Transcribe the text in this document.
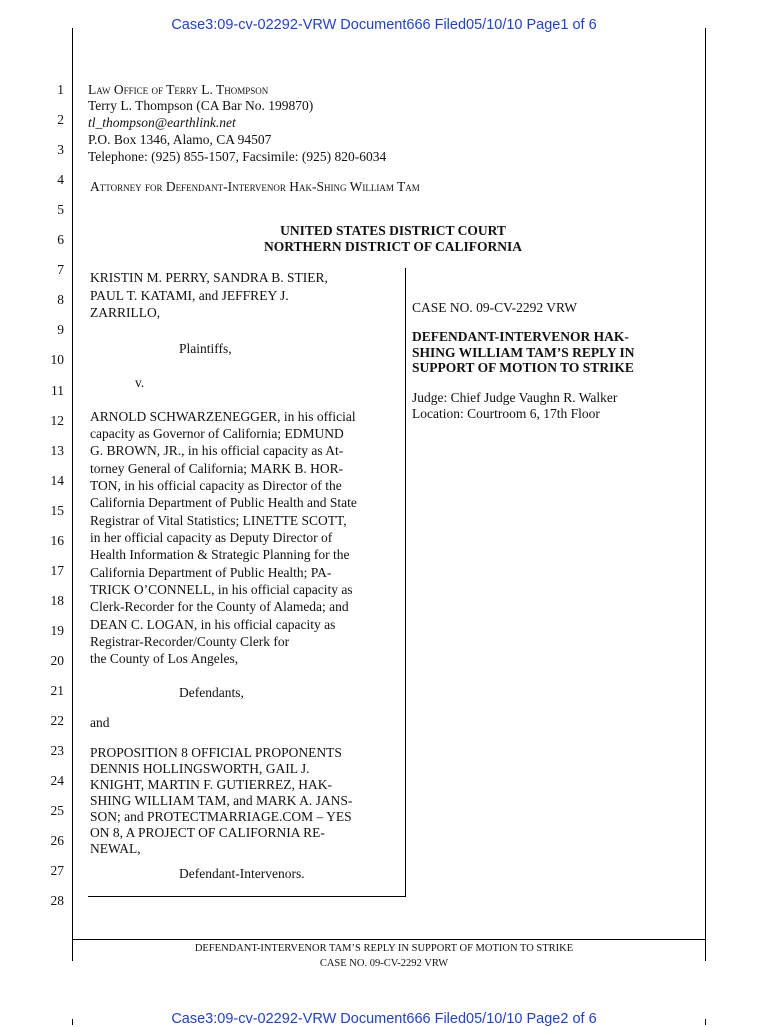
Case3:09-cv-02292-VRW Document666 Filed05/10/10 Page1 of 6
1
2
3
4
5
6
7
8
9
10
11
12
13
14
15
16
17
18
19
20
21
22
23
24
25
26
27
28
Law Office of Terry L. Thompson
Terry L. Thompson (CA Bar No. 199870)
tl_thompson@earthlink.net
P.O. Box 1346, Alamo, CA 94507
Telephone: (925) 855-1507, Facsimile: (925) 820-6034
Attorney for Defendant-Intervenor Hak-Shing William Tam
UNITED STATES DISTRICT COURT
NORTHERN DISTRICT OF CALIFORNIA
KRISTIN M. PERRY, SANDRA B. STIER,
PAUL T. KATAMI, and JEFFREY J.
ZARRILLO,
Plaintiffs,
v.
ARNOLD SCHWARZENEGGER, in his official
capacity as Governor of California; EDMUND
G. BROWN, JR., in his official capacity as At-
torney General of California; MARK B. HOR-
TON, in his official capacity as Director of the
California Department of Public Health and State
Registrar of Vital Statistics; LINETTE SCOTT,
in her official capacity as Deputy Director of
Health Information & Strategic Planning for the
California Department of Public Health; PA-
TRICK O’CONNELL, in his official capacity as
Clerk-Recorder for the County of Alameda; and
DEAN C. LOGAN, in his official capacity as
Registrar-Recorder/County Clerk for
the County of Los Angeles,
Defendants,
and
PROPOSITION 8 OFFICIAL PROPONENTS
DENNIS HOLLINGSWORTH, GAIL J.
KNIGHT, MARTIN F. GUTIERREZ, HAK-
SHING WILLIAM TAM, and MARK A. JANS-
SON; and PROTECTMARRIAGE.COM – YES
ON 8, A PROJECT OF CALIFORNIA RE-
NEWAL,
Defendant-Intervenors.
CASE NO. 09-CV-2292 VRW
DEFENDANT-INTERVENOR HAK-
SHING WILLIAM TAM’S REPLY IN
SUPPORT OF MOTION TO STRIKE
Judge: Chief Judge Vaughn R. Walker
Location: Courtroom 6, 17th Floor
DEFENDANT-INTERVENOR TAM’S REPLY IN SUPPORT OF MOTION TO STRIKE
CASE NO. 09-CV-2292 VRW
Case3:09-cv-02292-VRW Document666 Filed05/10/10 Page2 of 6
